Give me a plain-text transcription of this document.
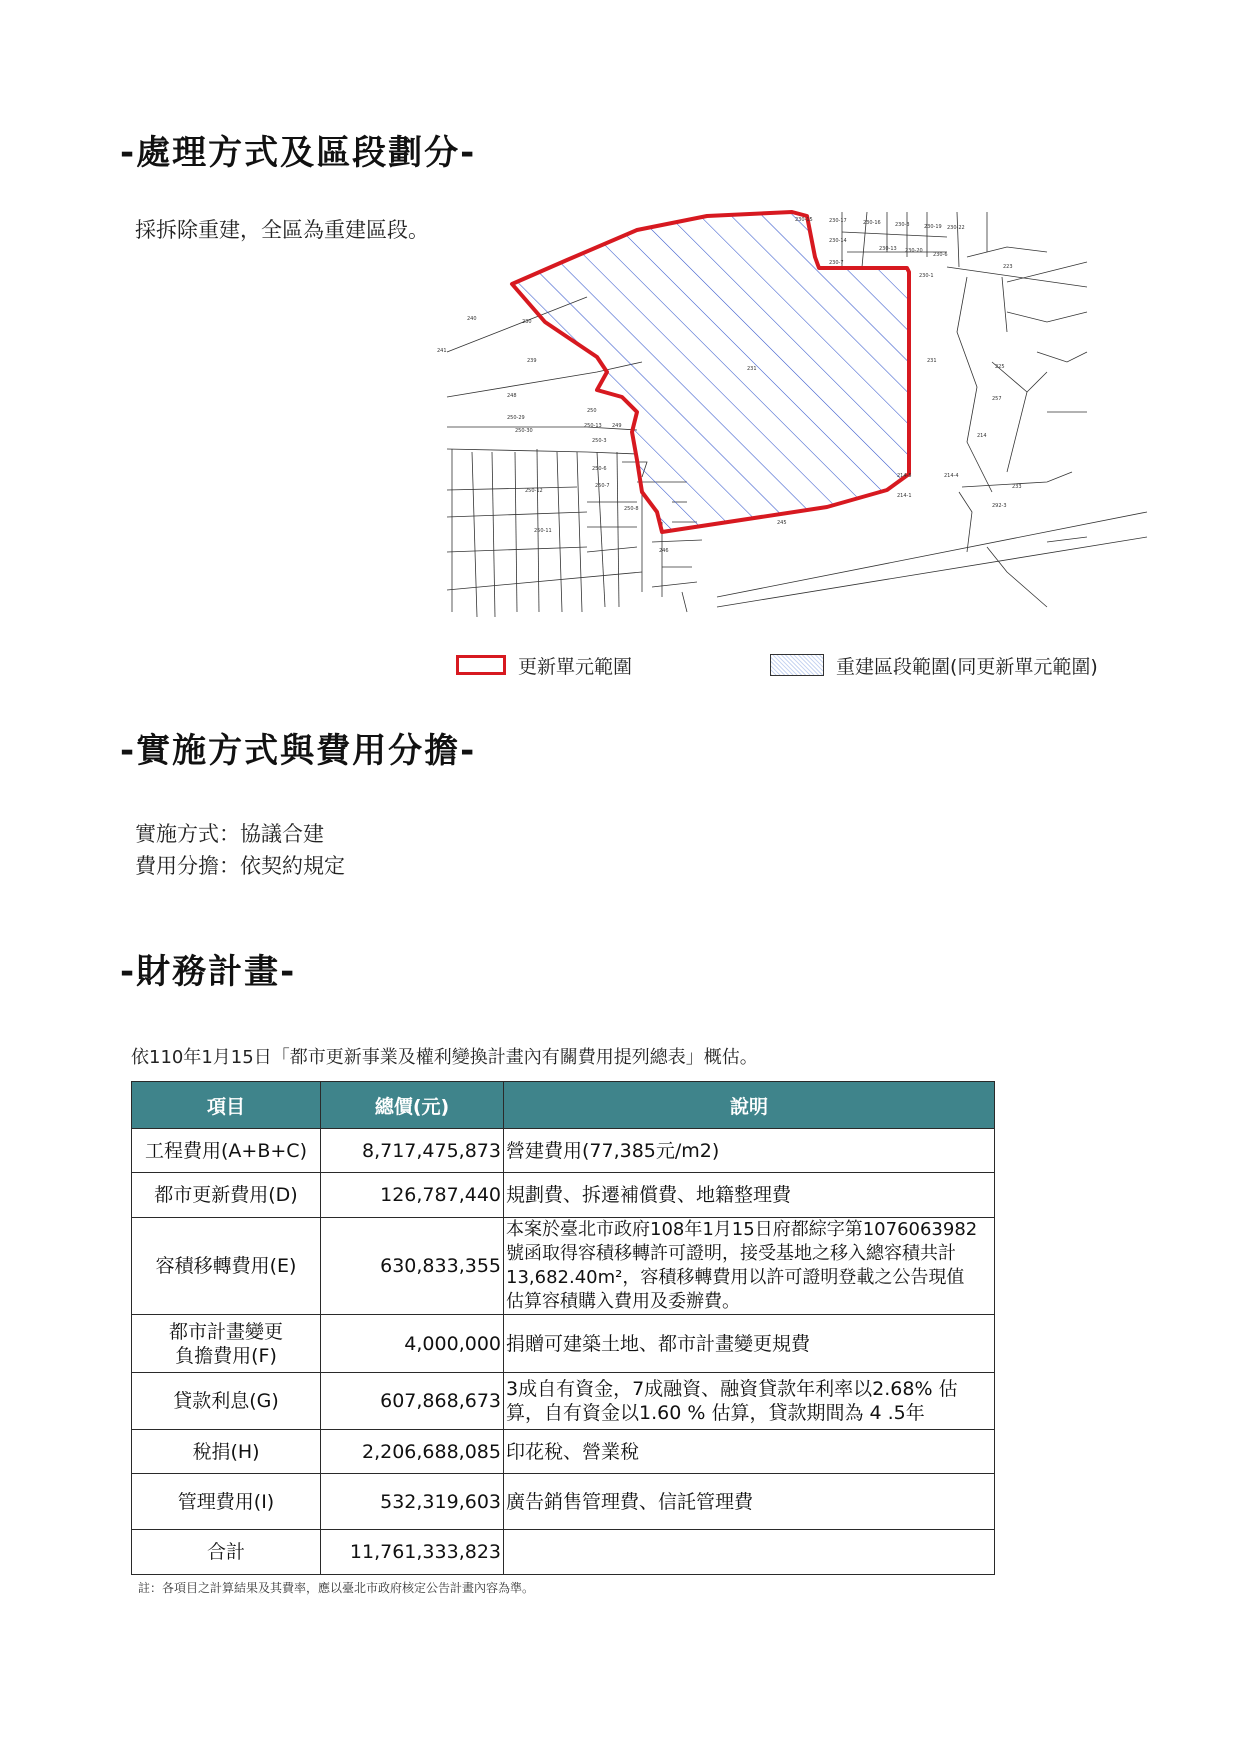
-處理方式及區段劃分-

採拆除重建，全區為重建區段。	230-15	230-17	230-16	230-3	230-19 230-22
230-14
230-13 230-20
230-6
230-7
230-1
223
240	230
239
241
231
231
225
248	257
250
250-13 249
250-3
250-6
250-7
250-8
250-12
250-11
250-30
250-29
214
214-5	214-4
214-1
245
233
292-3
246
更新單元範圍	重建區段範圍(同更新單元範圍)
-實施方式與費用分擔-

實施方式：協議合建

費用分擔：依契約規定

-財務計畫-

依110年1月15日「都市更新事業及權利變換計畫內有關費用提列總表」概估。

項目	總價(元)	說明
工程費用(A+B+C)	8,717,475,873	營建費用(77,385元/m2)
都市更新費用(D)	126,787,440	規劃費、拆遷補償費、地籍整理費
容積移轉費用(E)	630,833,355	本案於臺北市政府108年1月15日府都綜字第1076063982
號函取得容積移轉許可證明，接受基地之移入總容積共計
13,682.40m²，容積移轉費用以許可證明登載之公告現值
估算容積購入費用及委辦費。

都市計畫變更
負擔費用(F)	4,000,000	捐贈可建築土地、都市計畫變更規費
貸款利息(G)	607,868,673	3成自有資金，7成融資、融資貸款年利率以2.68% 估
算，自有資金以1.60 % 估算，貸款期間為 4 .5年

稅捐(H)	2,206,688,085	印花稅、營業稅
管理費用(I)	532,319,603	廣告銷售管理費、信託管理費
合計	11,761,333,823	

註：各項目之計算結果及其費率，應以臺北市政府核定公告計畫內容為準。
